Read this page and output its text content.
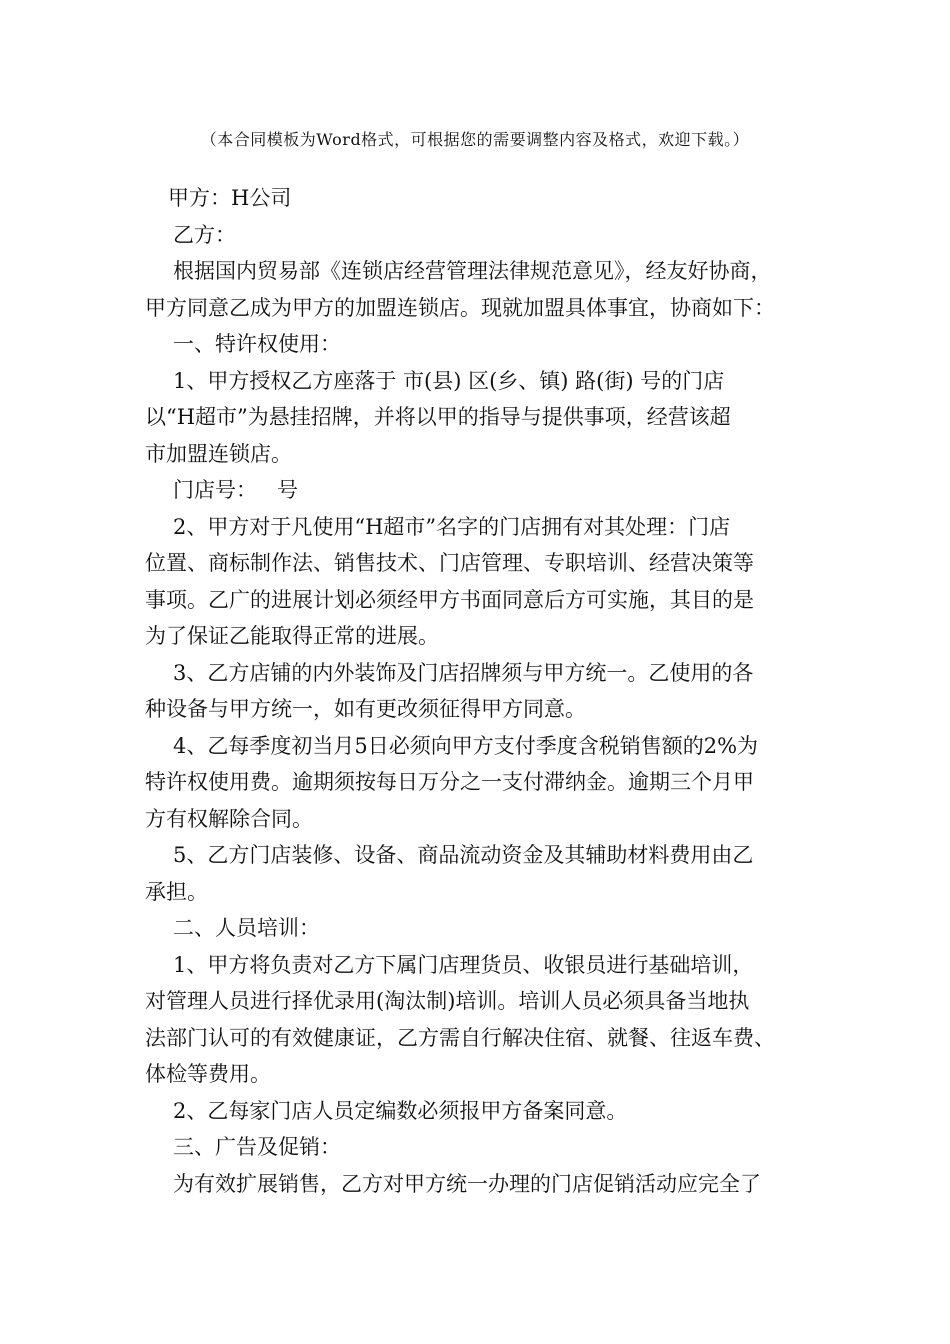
（本合同模板为Word格式，可根据您的需要调整内容及格式，欢迎下载。）

甲方：H公司

乙方：

根据国内贸易部《连锁店经营管理法律规范意见》，经友好协商，
甲方同意乙成为甲方的加盟连锁店。现就加盟具体事宜，协商如下：

一、特许权使用：

1、甲方授权乙方座落于 市(县) 区(乡、镇) 路(街) 号的门店
以“H超市”为悬挂招牌，并将以甲的指导与提供事项，经营该超
市加盟连锁店。

门店号：   号

2、甲方对于凡使用“H超市”名字的门店拥有对其处理：门店
位置、商标制作法、销售技术、门店管理、专职培训、经营决策等
事项。乙广的进展计划必须经甲方书面同意后方可实施，其目的是
为了保证乙能取得正常的进展。
3、乙方店铺的内外装饰及门店招牌须与甲方统一。乙使用的各
种设备与甲方统一，如有更改须征得甲方同意。
4、乙每季度初当月5日必须向甲方支付季度含税销售额的2%为
特许权使用费。逾期须按每日万分之一支付滞纳金。逾期三个月甲
方有权解除合同。
5、乙方门店装修、设备、商品流动资金及其辅助材料费用由乙
承担。

二、人员培训：

1、甲方将负责对乙方下属门店理货员、收银员进行基础培训，
对管理人员进行择优录用(淘汰制)培训。培训人员必须具备当地执
法部门认可的有效健康证，乙方需自行解决住宿、就餐、往返车费、
体检等费用。

2、乙每家门店人员定编数必须报甲方备案同意。

三、广告及促销：

为有效扩展销售，乙方对甲方统一办理的门店促销活动应完全了
